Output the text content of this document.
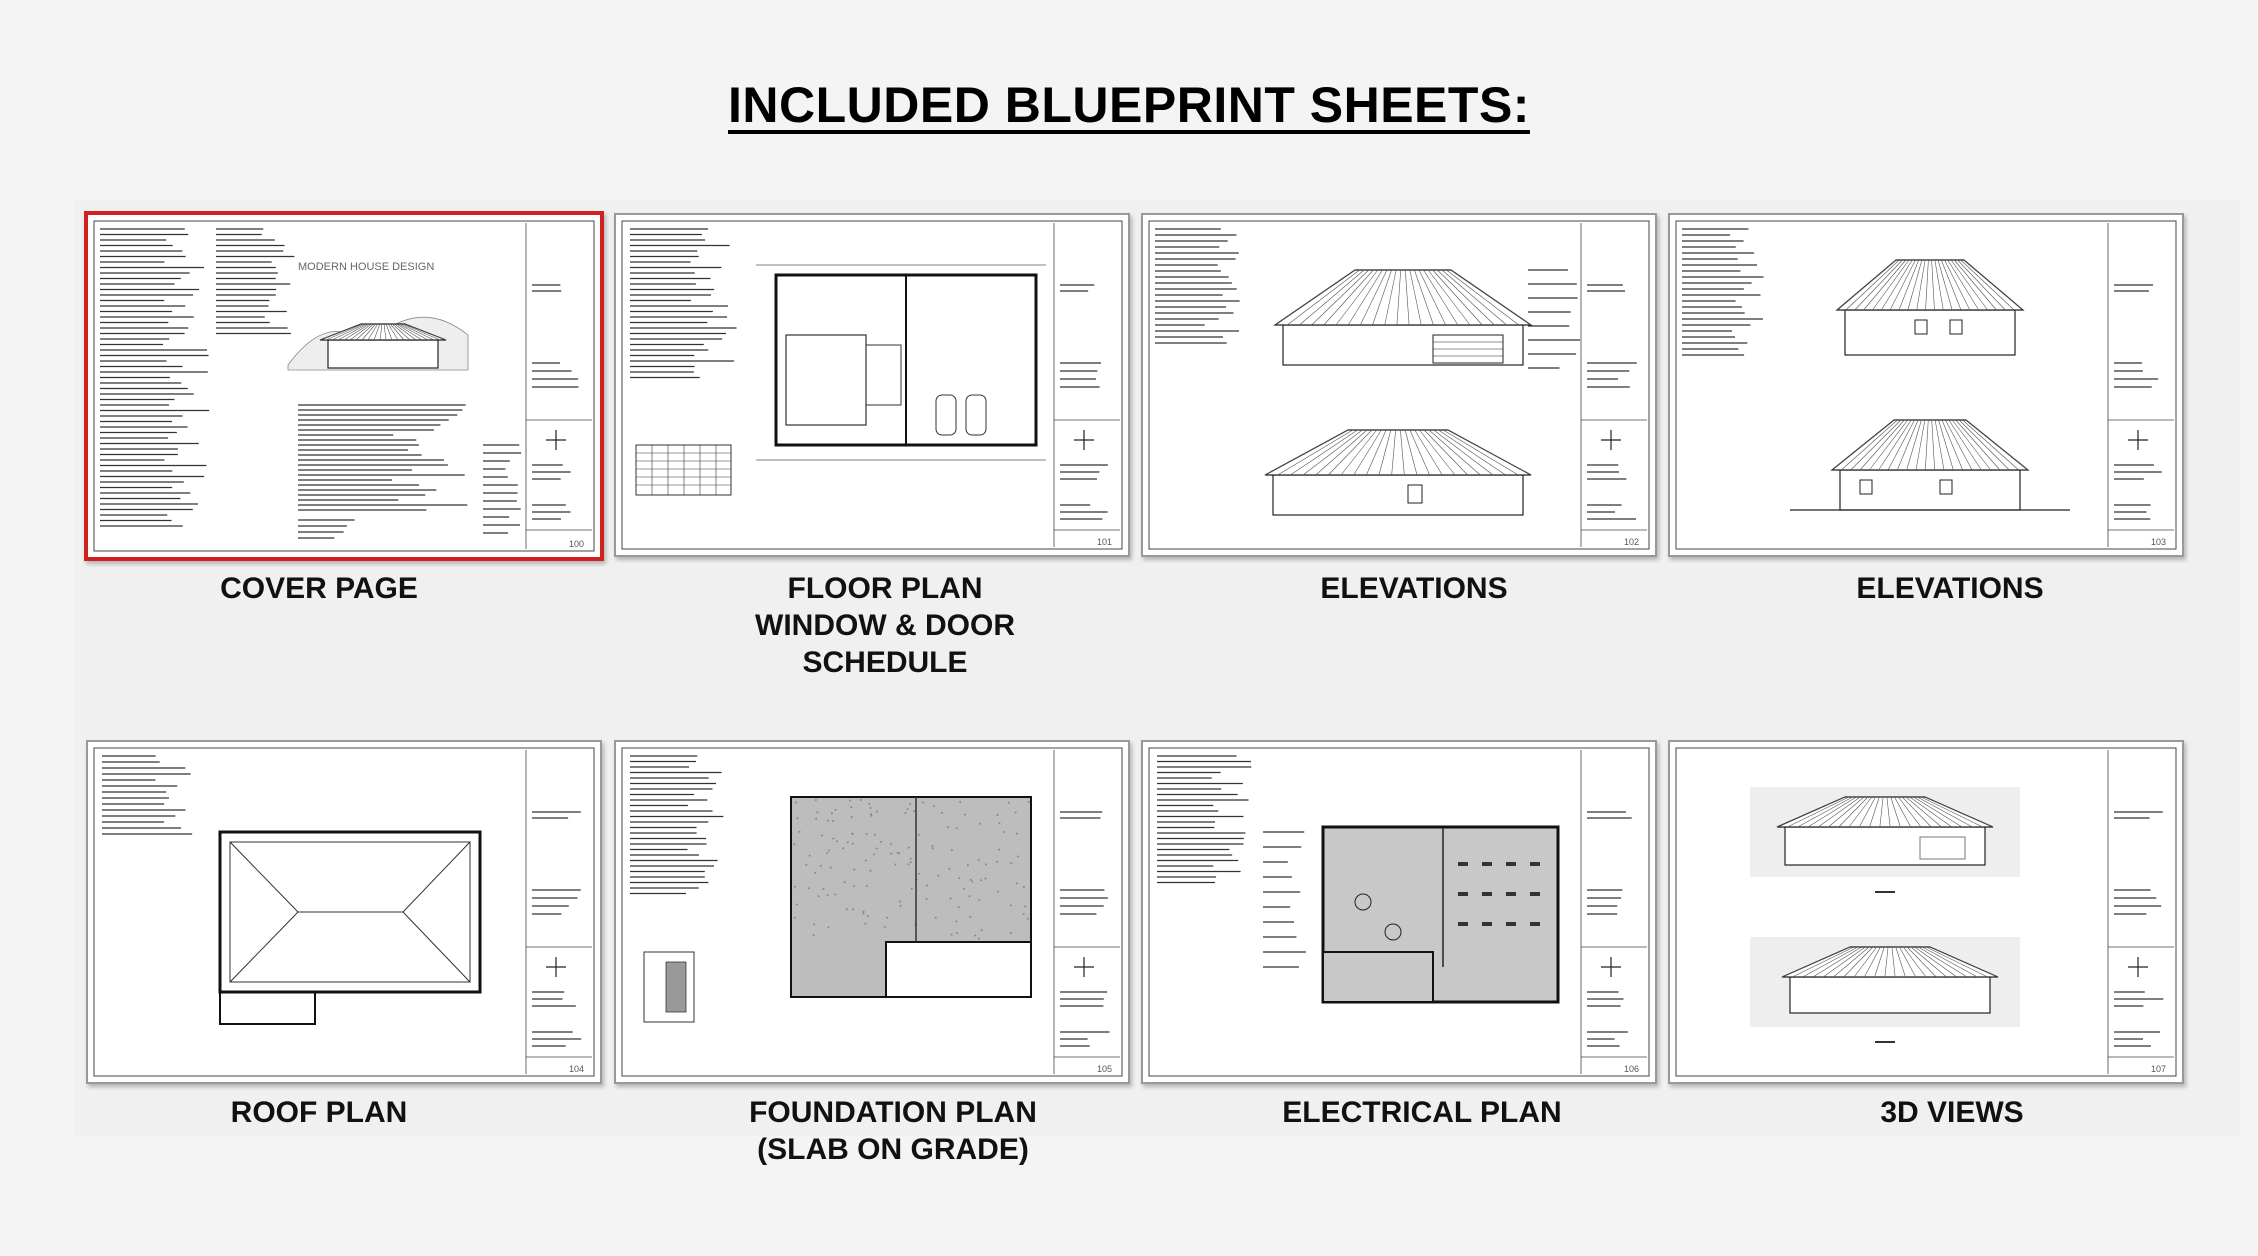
INCLUDED BLUEPRINT SHEETS:
MODERN HOUSE DESIGN
100
COVER PAGE
101
FLOOR PLAN
WINDOW & DOOR
SCHEDULE
102
ELEVATIONS
103
ELEVATIONS
104
ROOF PLAN
105
FOUNDATION PLAN
(SLAB ON GRADE)
106
ELECTRICAL PLAN
107
3D VIEWS
